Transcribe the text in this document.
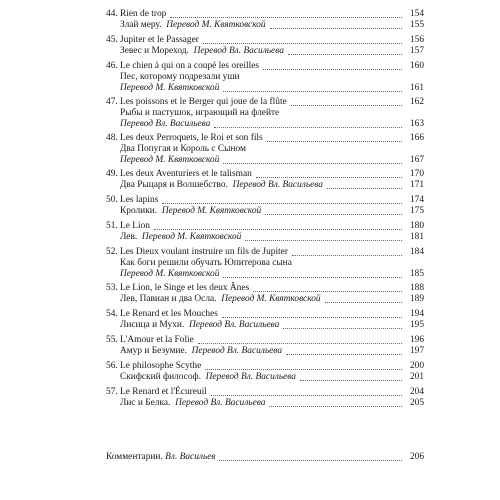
44. Rien de trop	154
Злай меру.
Перевод М. Квятковской	155
45. Jupiter et le Passager	156
Зевес и Мореход.
Перевод Вл. Васильева	157
46. Le chien à qui on a coupé les oreilles	160
Пес, которому подрезали уши
Перевод М. Квятковской	161
47. Les poissons et le Berger qui joue de la flûte	162
Рыбы и пастушок, играющий на флейте
Перевод Вл. Васильева	163
48. Les deux Perroquets, le Roi et son fils	166
Два Попугая и Король с Сыном
Перевод М. Квятковской	167
49. Les deux Aventuriers et le talisman	170
Два Рыцаря и Волшебство.
Перевод Вл. Васильева	171
50. Les lapins	174
Кролики.
Перевод М. Квятковской	175
51. Le Lion	180
Лев.
Перевод М. Квятковской	181
52. Les Dieux voulant instruire un fils de Jupiter	184
Как боги решили обучать Юпитерова сына
Перевод М. Квятковской	185
53. Le Lion, le Singe et les deux Ânes	188
Лев, Павиан и два Осла.
Перевод М. Квятковской	189
54. Le Renard et les Mouches	194
Лисица и Мухи.
Перевод Вл. Васильева	195
55. L'Amour et la Folie	196
Амур и Безумие.
Перевод Вл. Васильева	197
56. Le philosophe Scythe	200
Скифский философ.
Перевод Вл. Васильева	201
57. Le Renard et l'Écureuil	204
Лис и Белка.
Перевод Вл. Васильева	205
Комментарии.
Вл. Васильев	206
